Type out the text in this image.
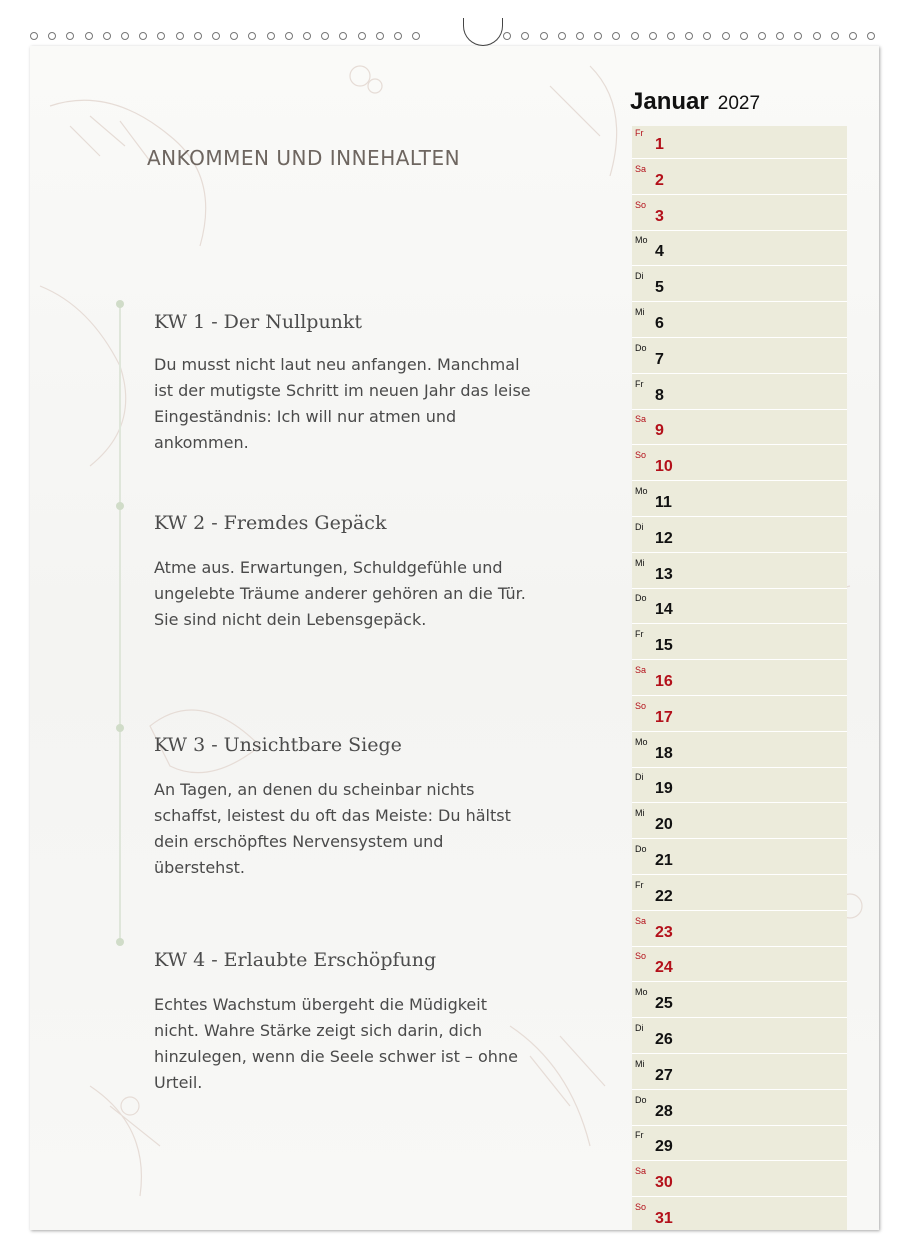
ANKOMMEN UND INNEHALTEN
KW 1 - Der Nullpunkt
Du musst nicht laut neu anfangen. Manchmal ist der mutigste Schritt im neuen Jahr das leise Eingeständnis: Ich will nur atmen und ankommen.
KW 2 - Fremdes Gepäck
Atme aus. Erwartungen, Schuldgefühle und ungelebte Träume anderer gehören an die Tür. Sie sind nicht dein Lebensgepäck.
KW 3 - Unsichtbare Siege
An Tagen, an denen du scheinbar nichts schaffst, leistest du oft das Meiste: Du hältst dein erschöpftes Nervensystem und überstehst.
KW 4 - Erlaubte Erschöpfung
Echtes Wachstum übergeht die Müdigkeit nicht. Wahre Stärke zeigt sich darin, dich hinzulegen, wenn die Seele schwer ist – ohne Urteil.
Januar 2027
Fr
1
Sa
2
So
3
Mo
4
Di
5
Mi
6
Do
7
Fr
8
Sa
9
So
10
Mo
11
Di
12
Mi
13
Do
14
Fr
15
Sa
16
So
17
Mo
18
Di
19
Mi
20
Do
21
Fr
22
Sa
23
So
24
Mo
25
Di
26
Mi
27
Do
28
Fr
29
Sa
30
So
31
